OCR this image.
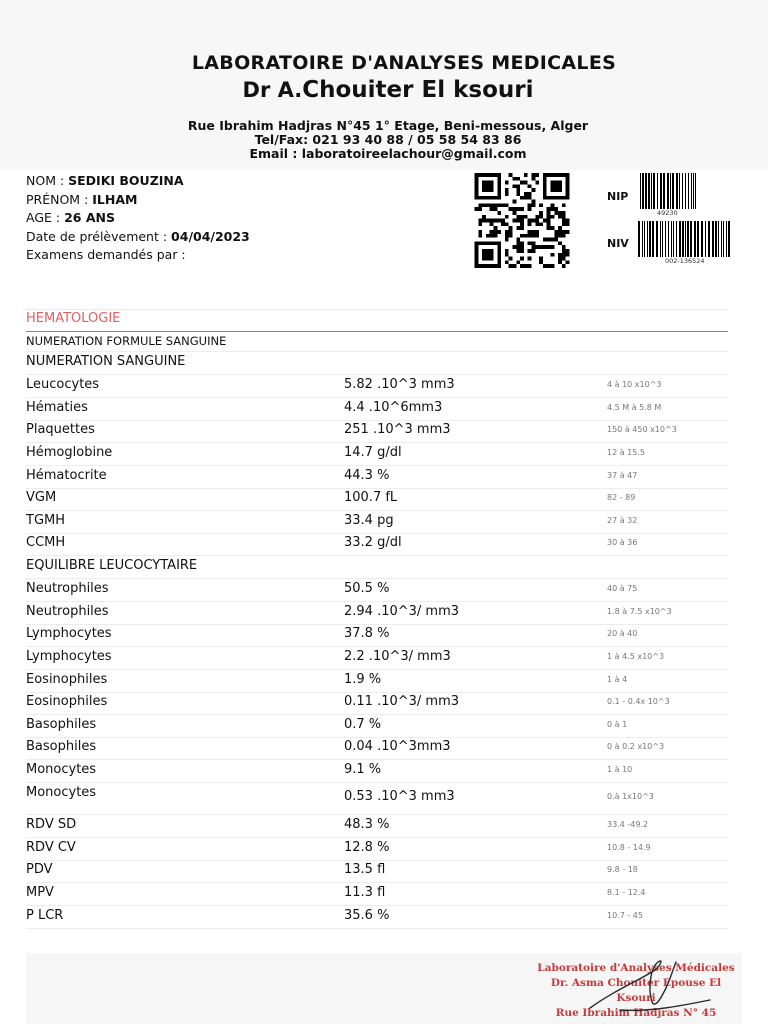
LABORATOIRE D'ANALYSES MEDICALES
Dr A.Chouiter El ksouri
Rue Ibrahim Hadjras N°45 1° Etage, Beni-messous, Alger
Tel/Fax: 021 93 40 88 / 05 58 54 83 86
Email : laboratoireelachour@gmail.com
NOM : SEDIKI BOUZINA
PRÉNOM : ILHAM
AGE : 26 ANS
Date de prélèvement : 04/04/2023
Examens demandés par :
NIP
49230
NIV
002-136524
HEMATOLOGIE
NUMERATION FORMULE SANGUINE
NUMERATION SANGUINE
Leucocytes	5.82 .10^3 mm3	4 à 10 x10^3
Hématies	4.4 .10^6mm3	4.5 M à 5.8 M
Plaquettes	251 .10^3 mm3	150 à 450 x10^3
Hémoglobine	14.7 g/dl	12 à 15.5
Hématocrite	44.3 %	37 à 47
VGM	100.7 fL	82 - 89
TGMH	33.4 pg	27 à 32
CCMH	33.2 g/dl	30 à 36
EQUILIBRE LEUCOCYTAIRE
Neutrophiles	50.5 %	40 à 75
Neutrophiles	2.94 .10^3/ mm3	1.8 à 7.5 x10^3
Lymphocytes	37.8 %	20 à 40
Lymphocytes	2.2 .10^3/ mm3	1 à 4.5 x10^3
Eosinophiles	1.9 %	1 à 4
Eosinophiles	0.11 .10^3/ mm3	0.1 - 0.4x 10^3
Basophiles	0.7 %	0 à 1
Basophiles	0.04 .10^3mm3	0 à 0.2 x10^3
Monocytes	9.1 %	1 à 10
Monocytes	0.53 .10^3 mm3	0.à 1x10^3
RDV SD	48.3 %	33.4 -49.2
RDV CV	12.8 %	10.8 - 14.9
PDV	13.5 fl	9.8 - 18
MPV	11.3 fl	8.1 - 12.4
P LCR	35.6 %	10.7 - 45
Laboratoire d'Analyses Médicales
Dr. Asma Chouiter Epouse El Ksouri
Rue Ibrahim Hadjras N° 45
